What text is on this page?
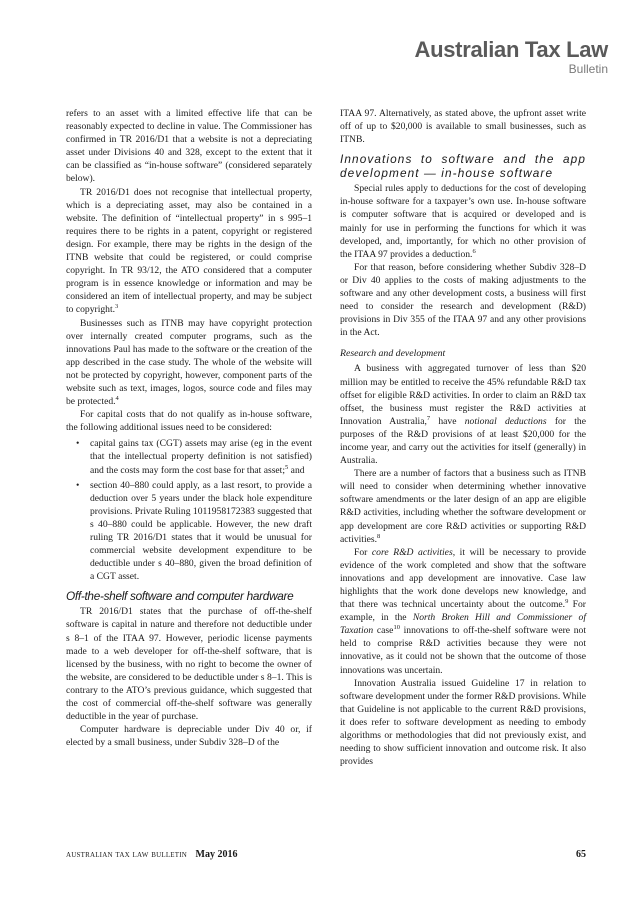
Australian Tax Law
Bulletin

refers to an asset with a limited effective life that can be reasonably expected to decline in value. The Commissioner has confirmed in TR 2016/D1 that a website is not a depreciating asset under Divisions 40 and 328, except to the extent that it can be classified as “in-house software” (considered separately below).

TR 2016/D1 does not recognise that intellectual property, which is a depreciating asset, may also be contained in a website. The definition of “intellectual property” in s 995–1 requires there to be rights in a patent, copyright or registered design. For example, there may be rights in the design of the ITNB website that could be registered, or could comprise copyright. In TR 93/12, the ATO considered that a computer program is in essence knowledge or information and may be considered an item of intellectual property, and may be subject to copyright.$^3$

Businesses such as ITNB may have copyright protection over internally created computer programs, such as the innovations Paul has made to the software or the creation of the app described in the case study. The whole of the website will not be protected by copyright, however, component parts of the website such as text, images, logos, source code and files may be protected.$^4$

For capital costs that do not qualify as in-house software, the following additional issues need to be considered:

• capital gains tax (CGT) assets may arise (eg in the event that the intellectual property definition is not satisfied) and the costs may form the cost base for that asset;$^5$ and
• section 40–880 could apply, as a last resort, to provide a deduction over 5 years under the black hole expenditure provisions. Private Ruling 1011958172383 suggested that s 40–880 could be applicable. However, the new draft ruling TR 2016/D1 states that it would be unusual for commercial website development expenditure to be deductible under s 40–880, given the broad definition of a CGT asset.
Off-the-shelf software and computer hardware

TR 2016/D1 states that the purchase of off-the-shelf software is capital in nature and therefore not deductible under s 8–1 of the ITAA 97. However, periodic license payments made to a web developer for off-the-shelf software, that is licensed by the business, with no right to become the owner of the website, are considered to be deductible under s 8–1. This is contrary to the ATO’s previous guidance, which suggested that the cost of commercial off-the-shelf software was generally deductible in the year of purchase.

Computer hardware is depreciable under Div 40 or, if elected by a small business, under Subdiv 328–D of the

ITAA 97. Alternatively, as stated above, the upfront asset write off of up to $20,000 is available to small businesses, such as ITNB.

Innovations to software and the app development — in-house software

Special rules apply to deductions for the cost of developing in-house software for a taxpayer’s own use. In-house software is computer software that is acquired or developed and is mainly for use in performing the functions for which it was developed, and, importantly, for which no other provision of the ITAA 97 provides a deduction.$^6$

For that reason, before considering whether Subdiv 328–D or Div 40 applies to the costs of making adjustments to the software and any other development costs, a business will first need to consider the research and development (R&D) provisions in Div 355 of the ITAA 97 and any other provisions in the Act.

Research and development

A business with aggregated turnover of less than $20 million may be entitled to receive the 45% refundable R&D tax offset for eligible R&D activities. In order to claim an R&D tax offset, the business must register the R&D activities at Innovation Australia,$^7$ have notional deductions for the purposes of the R&D provisions of at least $20,000 for the income year, and carry out the activities for itself (generally) in Australia.

There are a number of factors that a business such as ITNB will need to consider when determining whether innovative software amendments or the later design of an app are eligible R&D activities, including whether the software development or app development are core R&D activities or supporting R&D activities.$^8$

For core R&D activities, it will be necessary to provide evidence of the work completed and show that the software innovations and app development are innovative. Case law highlights that the work done develops new knowledge, and that there was technical uncertainty about the outcome.$^9$ For example, in the North Broken Hill and Commissioner of Taxation case$^{10}$ innovations to off-the-shelf software were not held to comprise R&D activities because they were not innovative, as it could not be shown that the outcome of those innovations was uncertain.

Innovation Australia issued Guideline 17 in relation to software development under the former R&D provisions. While that Guideline is not applicable to the current R&D provisions, it does refer to software development as needing to embody algorithms or methodologies that did not previously exist, and needing to show sufficient innovation and outcome risk. It also provides

australian tax law bulletin May 2016	65
